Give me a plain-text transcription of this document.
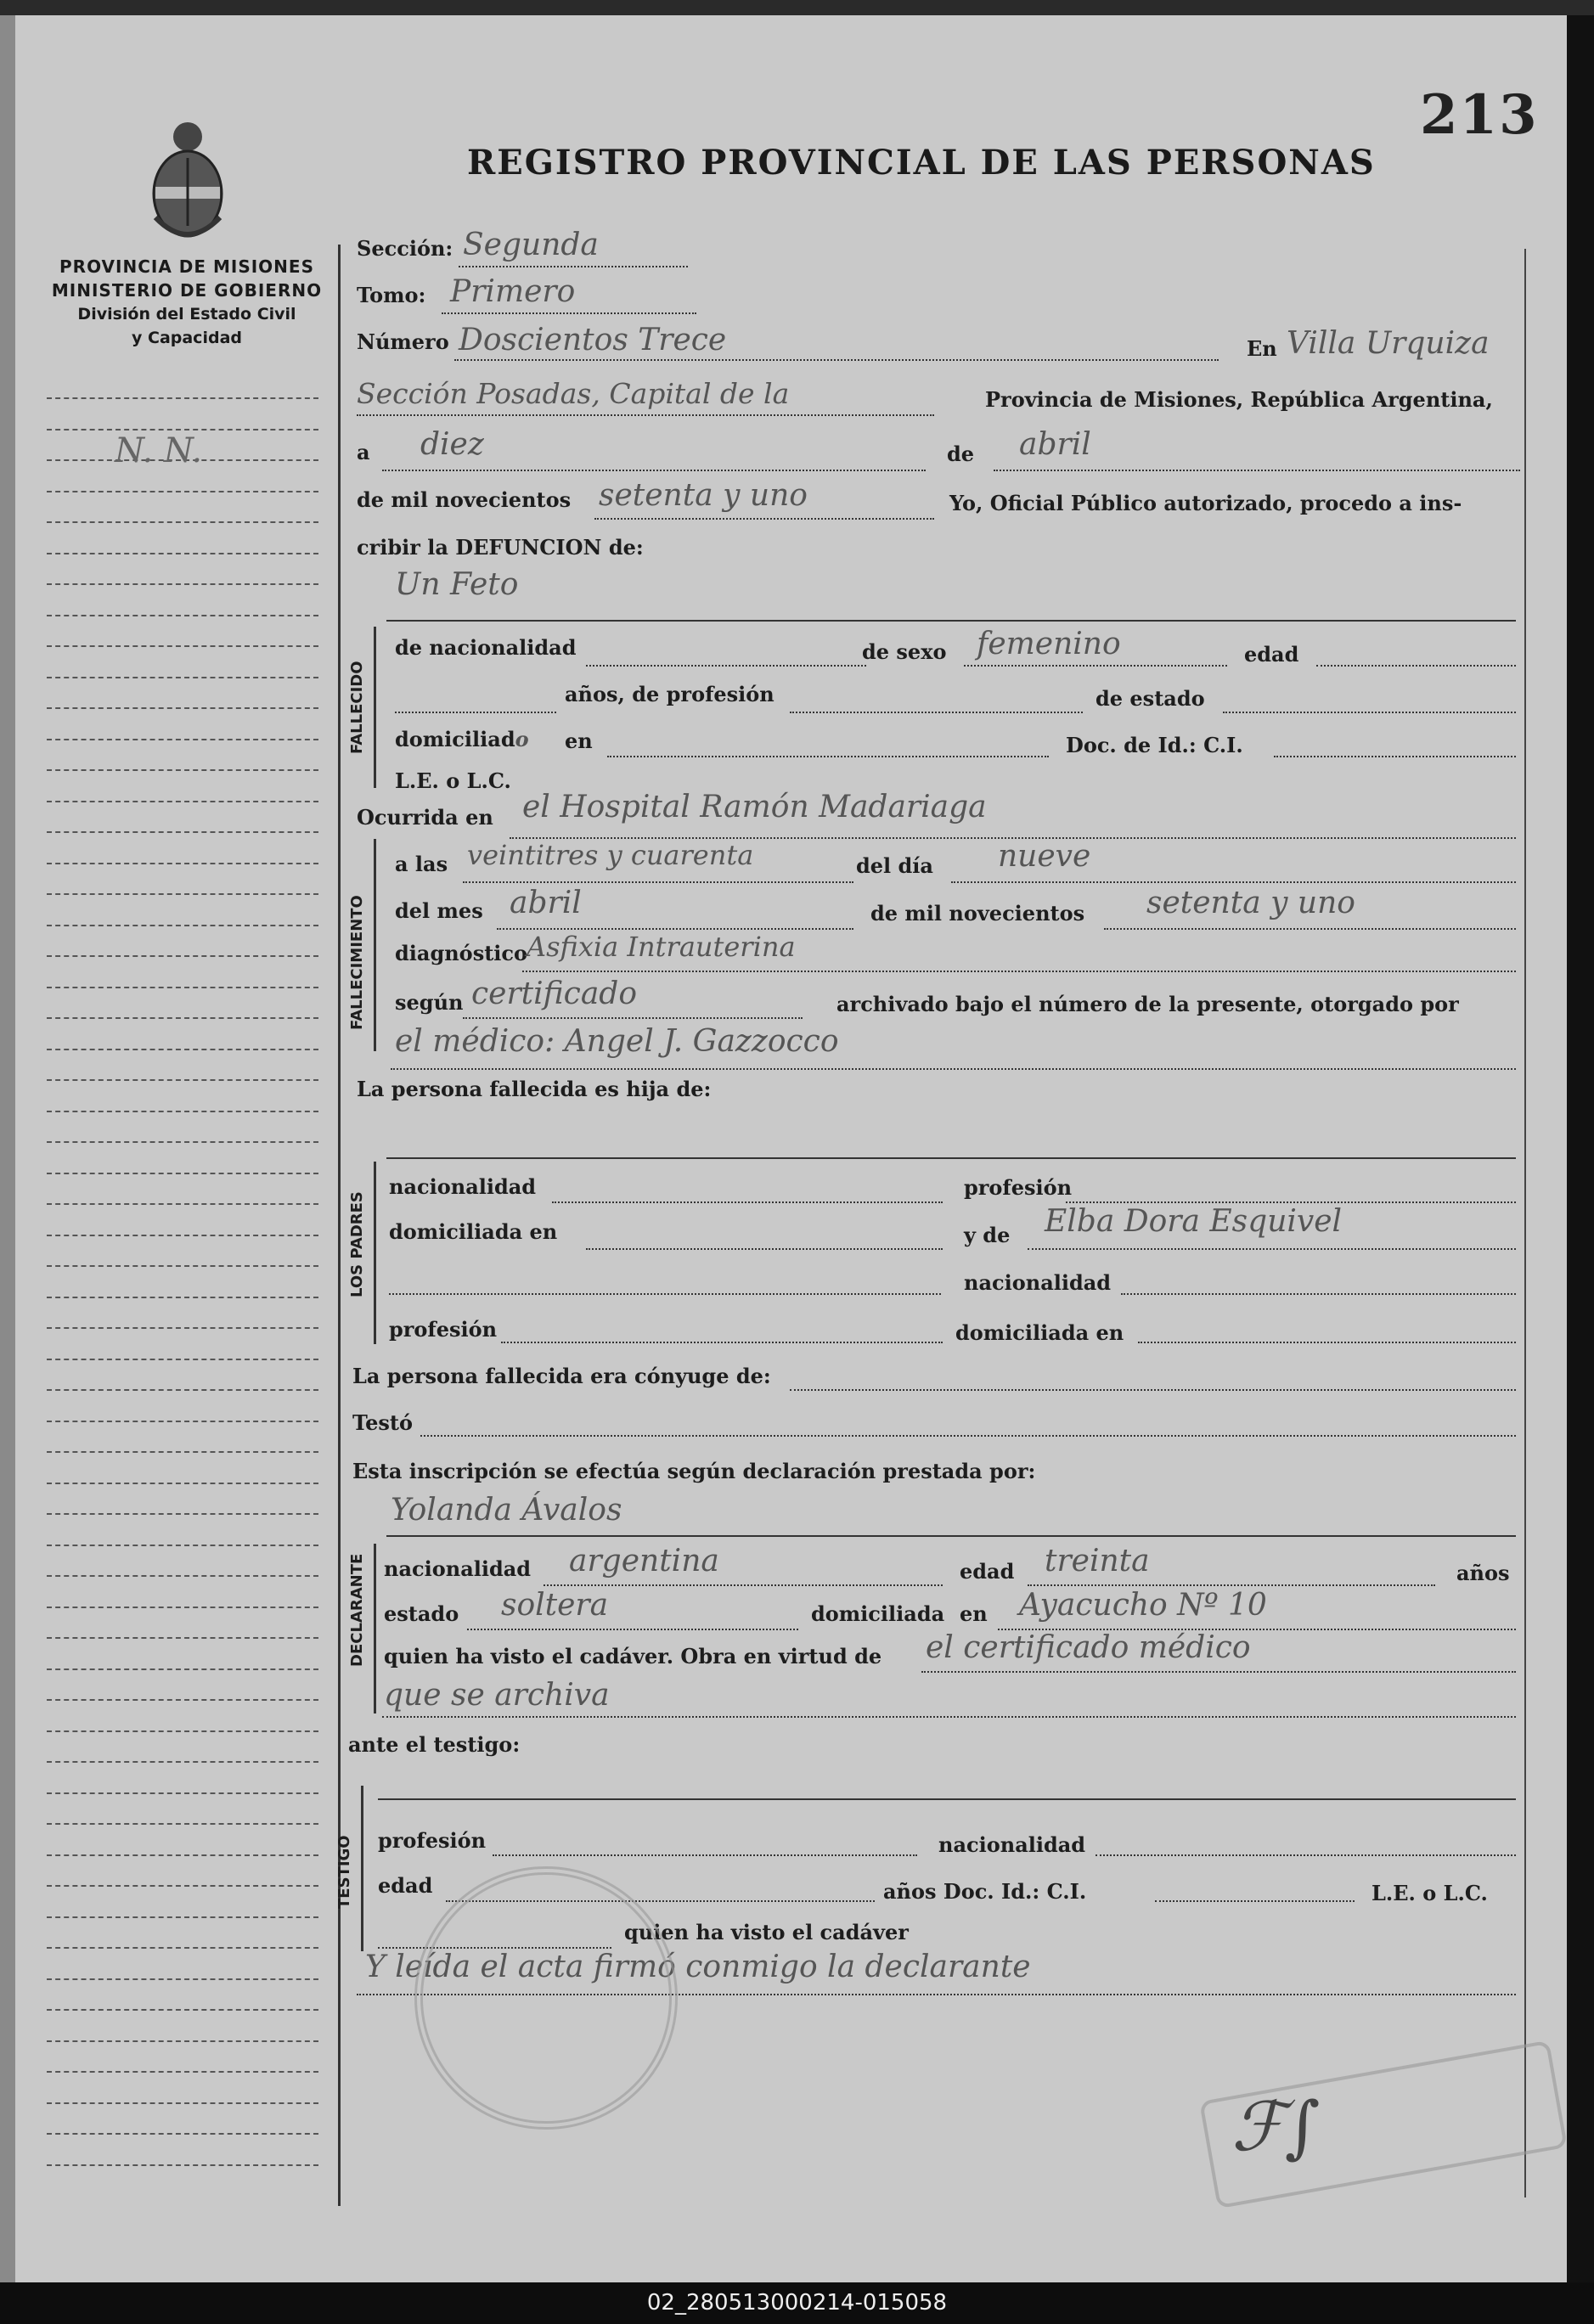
213
REGISTRO PROVINCIAL DE LAS PERSONAS
PROVINCIA DE MISIONES
MINISTERIO DE GOBIERNO
División del Estado Civil
y Capacidad
N. N.
Sección: Segunda
Tomo: Primero
Número Doscientos Trece	En Villa Urquiza
Sección Posadas, Capital de la	Provincia de Misiones, República Argentina,
a diez	de abril
de mil novecientos setenta y uno	Yo, Oficial Público autorizado, procedo a ins-
cribir la DEFUNCION de:
FALLECIDO
Un Feto
de nacionalidad	de sexo femenino	edad
años, de profesión	de estado
domiciliado en	Doc. de Id.: C.I.
L.E. o L.C.
Ocurrida en el Hospital Ramón Madariaga
FALLECIMIENTO
a las veintitres y cuarenta	del día nueve
del mes abril	de mil novecientos setenta y uno
diagnóstico
Asfixia Intrauterina
según certificado	archivado bajo el número de la presente, otorgado por
el médico: Angel J. Gazzocco
La persona fallecida es hija de:
LOS PADRES
nacionalidad	profesión
domiciliada en	y de Elba Dora Esquivel
nacionalidad
profesión	domiciliada en
La persona fallecida era cónyuge de:
Testó
Esta inscripción se efectúa según declaración prestada por:
Yolanda Ávalos
DECLARANTE nacionalidad argentina	edad treinta	años
estado soltera	domiciliada en Ayacucho Nº 10
quien ha visto el cadáver. Obra en virtud de el certificado médico
que se archiva
ante el testigo:
TESTIGO profesión	nacionalidad
edad	años Doc. Id.: C.I.	L.E. o L.C.
quien ha visto el cadáver
Y leída el acta firmó conmigo la declarante
ℱ∫
02_280513000214-015058
